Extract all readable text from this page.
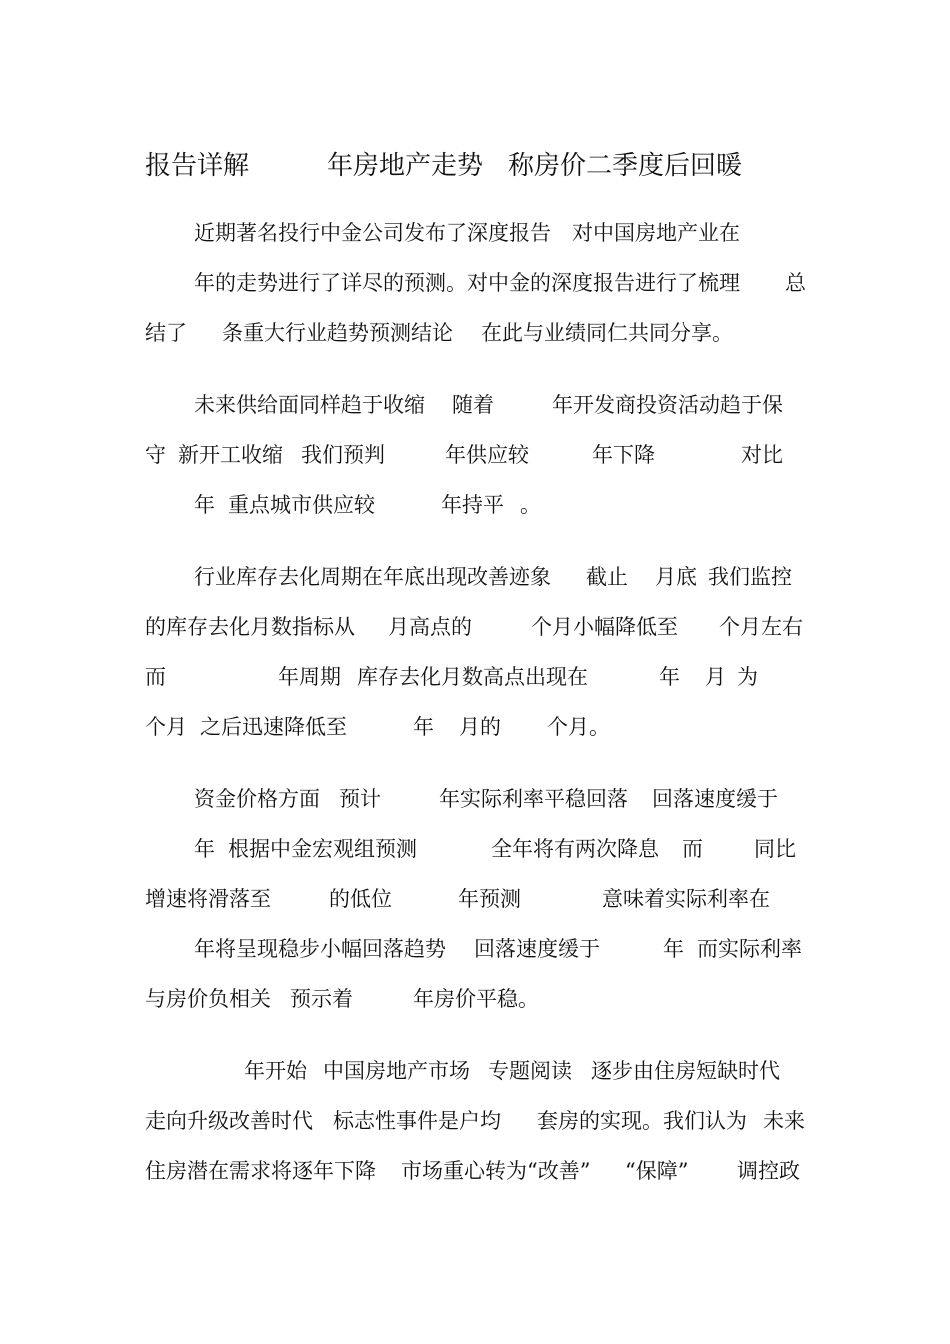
报告详解	年房地产走势 称房价二季度后回暖
近期著名投行中金公司发布了深度报告 对中国房地产业在
年的走势进行了详尽的预测。对中金的深度报告进行了梳理 总
结了 条重大行业趋势预测结论 在此与业绩同仁共同分享。
未来供给面同样趋于收缩 随着	年开发商投资活动趋于保
守 新开工收缩 我们预判	年供应较	年下降	对比
年 重点城市供应较	年持平 。
行业库存去化周期在年底出现改善迹象 截止 月底 我们监控
的库存去化月数指标从 月高点的	个月小幅降低至 个月左右
而	年周期 库存去化月数高点出现在	年 月 为
个月 之后迅速降低至	年 月的 个月。
资金价格方面 预计	年实际利率平稳回落 回落速度缓于
年 根据中金宏观组预测	全年将有两次降息 而 同比
增速将滑落至	的低位	年预测	意味着实际利率在
年将呈现稳步小幅回落趋势 回落速度缓于	年 而实际利率
与房价负相关 预示着	年房价平稳。
年开始 中国房地产市场 专题阅读 逐步由住房短缺时代
走向升级改善时代 标志性事件是户均 套房的实现。我们认为 未来
住房潜在需求将逐年下降 市场重心转为“改善” “保障” 调控政
